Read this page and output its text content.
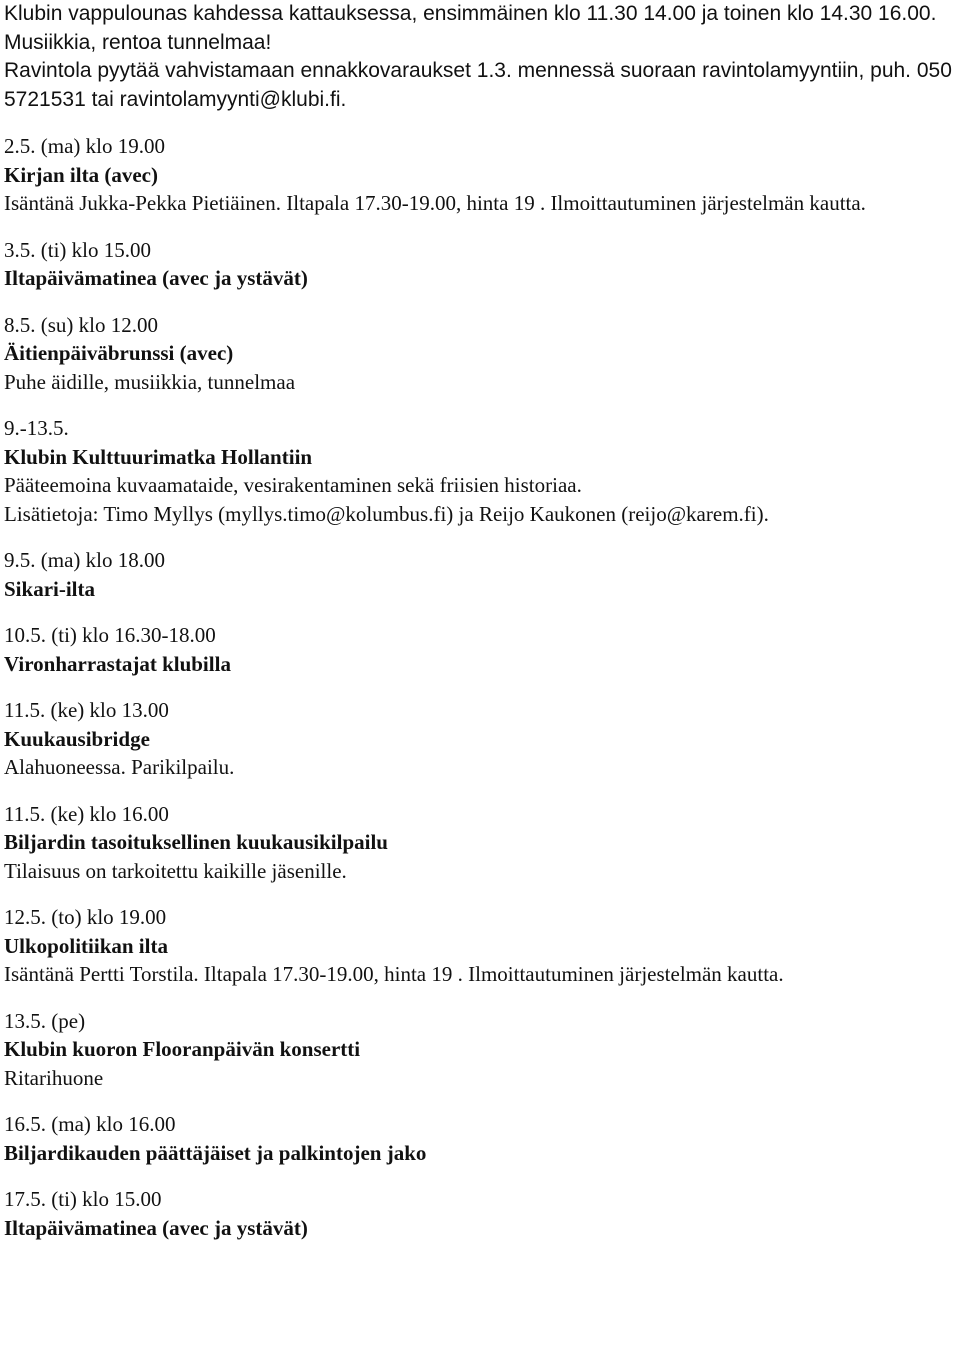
Klubin vappulounas kahdessa kattauksessa, ensimmäinen klo 11.30 14.00 ja toinen klo 14.30 16.00. Musiikkia, rentoa tunnelmaa!

Ravintola pyytää vahvistamaan ennakkovaraukset 1.3. mennessä suoraan ravintolamyyntiin, puh. 050 5721531 tai ravintolamyynti@klubi.fi.

2.5. (ma) klo 19.00
Kirjan ilta (avec)
Isäntänä Jukka-Pekka Pietiäinen. Iltapala 17.30-19.00, hinta 19 . Ilmoittautuminen järjestelmän kautta.
3.5. (ti) klo 15.00
Iltapäivämatinea (avec ja ystävät)
8.5. (su) klo 12.00
Äitienpäiväbrunssi (avec)
Puhe äidille, musiikkia, tunnelmaa
9.-13.5.
Klubin Kulttuurimatka Hollantiin
Pääteemoina kuvaamataide, vesirakentaminen sekä friisien historiaa.
Lisätietoja: Timo Myllys (myllys.timo@kolumbus.fi) ja Reijo Kaukonen (reijo@karem.fi).
9.5. (ma) klo 18.00
Sikari-ilta
10.5. (ti) klo 16.30-18.00
Vironharrastajat klubilla
11.5. (ke) klo 13.00
Kuukausibridge
Alahuoneessa. Parikilpailu.
11.5. (ke) klo 16.00
Biljardin tasoituksellinen kuukausikilpailu
Tilaisuus on tarkoitettu kaikille jäsenille.
12.5. (to) klo 19.00
Ulkopolitiikan ilta
Isäntänä Pertti Torstila. Iltapala 17.30-19.00, hinta 19 . Ilmoittautuminen järjestelmän kautta.
13.5. (pe)
Klubin kuoron Flooranpäivän konsertti
Ritarihuone
16.5. (ma) klo 16.00
Biljardikauden päättäjäiset ja palkintojen jako
17.5. (ti) klo 15.00
Iltapäivämatinea (avec ja ystävät)
